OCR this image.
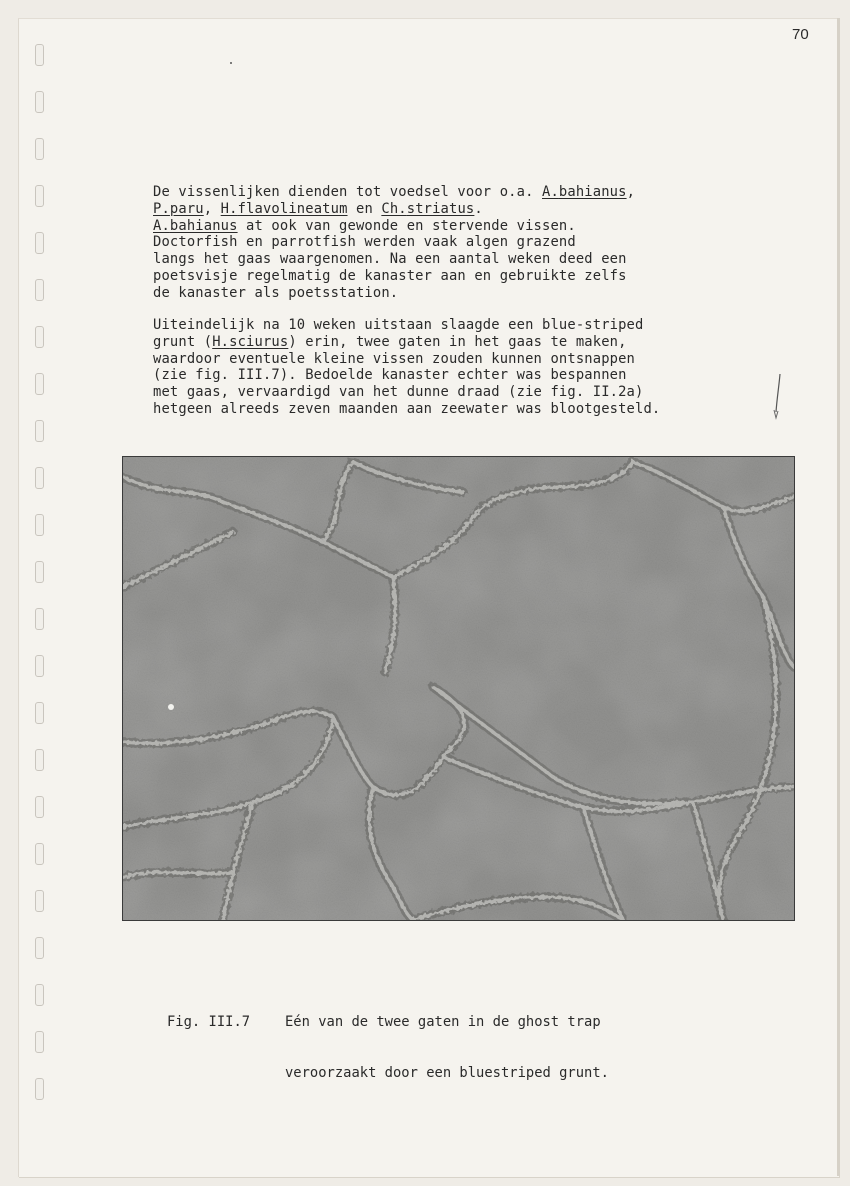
70
De vissenlijken dienden tot voedsel voor o.a. A.bahianus,
P.paru, H.flavolineatum en Ch.striatus.
A.bahianus at ook van gewonde en stervende vissen.
Doctorfish en parrotfish werden vaak algen grazend
langs het gaas waargenomen. Na een aantal weken deed een
poetsvisje regelmatig de kanaster aan en gebruikte zelfs
de kanaster als poetsstation.
Uiteindelijk na 10 weken uitstaan slaagde een blue-striped
grunt (H.sciurus) erin, twee gaten in het gaas te maken,
waardoor eventuele kleine vissen zouden kunnen ontsnappen
(zie fig. III.7). Bedoelde kanaster echter was bespannen
met gaas, vervaardigd van het dunne draad (zie fig. II.2a)
hetgeen alreeds zeven maanden aan zeewater was blootgesteld.

Fig. III.7	Eén van de twee gaten in de ghost trap

veroorzaakt door een bluestriped grunt.
